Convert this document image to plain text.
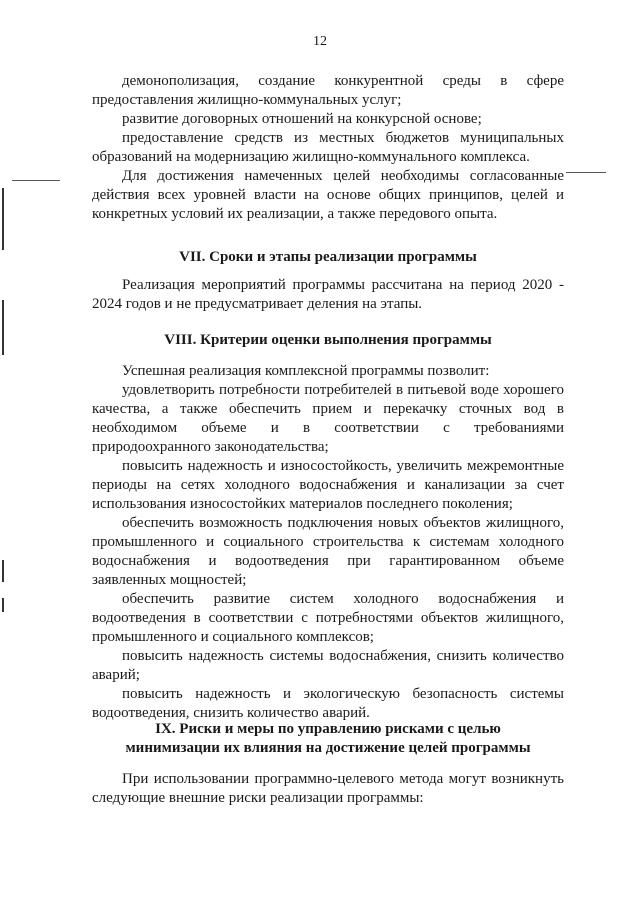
12

демонополизация, создание конкурентной среды в сфере предоставления жилищно-коммунальных услуг;

развитие договорных отношений на конкурсной основе;

предоставление средств из местных бюджетов муниципальных образований на модернизацию жилищно-коммунального комплекса.

Для достижения намеченных целей необходимы согласованные действия всех уровней власти на основе общих принципов, целей и конкретных условий их реализации, а также передового опыта.

VII. Сроки и этапы реализации программы

Реализация мероприятий программы рассчитана на период 2020 - 2024 годов и не предусматривает деления на этапы.

VIII. Критерии оценки выполнения программы

Успешная реализация комплексной программы позволит:

удовлетворить потребности потребителей в питьевой воде хорошего качества, а также обеспечить прием и перекачку сточных вод в необходимом объеме и в соответствии с требованиями природоохранного законодательства;

повысить надежность и износостойкость, увеличить межремонтные периоды на сетях холодного водоснабжения и канализации за счет использования износостойких материалов последнего поколения;

обеспечить возможность подключения новых объектов жилищного, промышленного и социального строительства к системам холодного водоснабжения и водоотведения при гарантированном объеме заявленных мощностей;

обеспечить развитие систем холодного водоснабжения и водоотведения в соответствии с потребностями объектов жилищного, промышленного и социального комплексов;

повысить надежность системы водоснабжения, снизить количество аварий;

повысить надежность и экологическую безопасность системы водоотведения, снизить количество аварий.

IX. Риски и меры по управлению рисками с целью

минимизации их влияния на достижение целей программы

При использовании программно-целевого метода могут возникнуть следующие внешние риски реализации программы:
